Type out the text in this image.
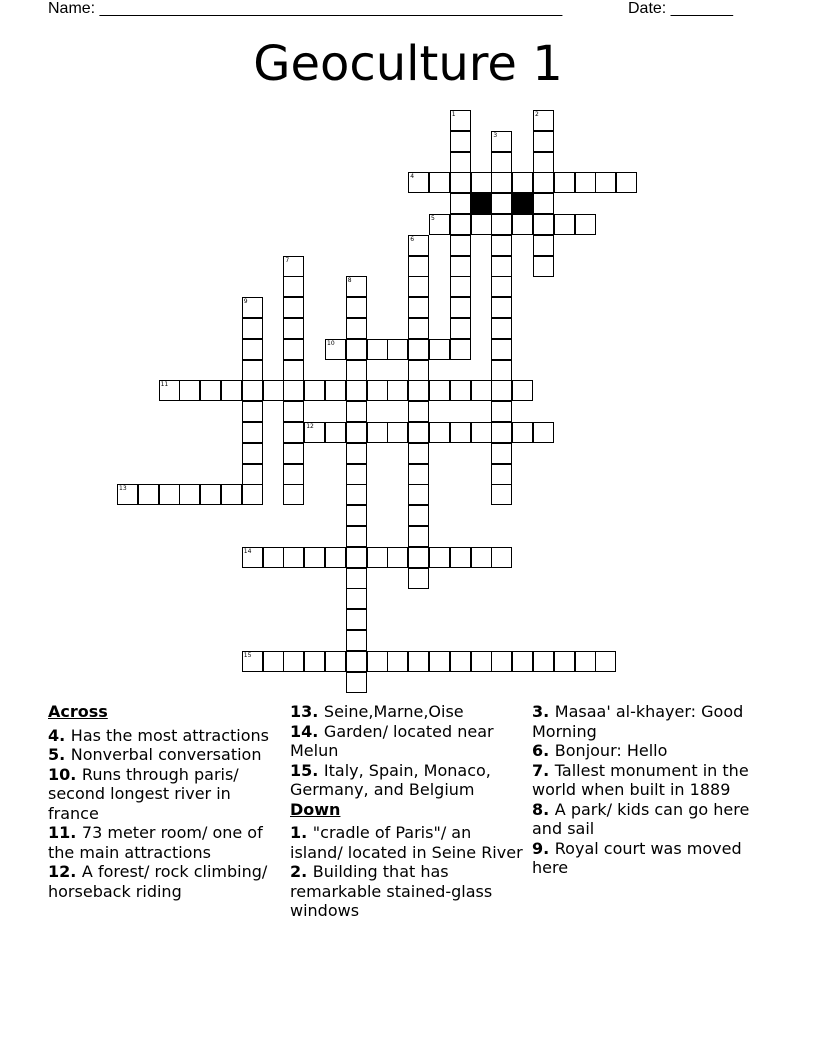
Name: ____________________________________________________	Date: _______
Geoculture 1
1	2
3
4
5
6
7
8
9
10
11
12
13
14
15
Across
4. Has the most attractions
5. Nonverbal conversation
10. Runs through paris/ second longest river in france
11. 73 meter room/ one of the main attractions
12. A forest/ rock climbing/ horseback riding
13. Seine,Marne,Oise
14. Garden/ located near Melun
15. Italy, Spain, Monaco, Germany, and Belgium
Down
1. "cradle of Paris"/ an island/ located in Seine River
2. Building that has remarkable stained-glass windows
3. Masaa' al-khayer: Good Morning
6. Bonjour: Hello
7. Tallest monument in the world when built in 1889
8. A park/ kids can go here and sail
9. Royal court was moved here
